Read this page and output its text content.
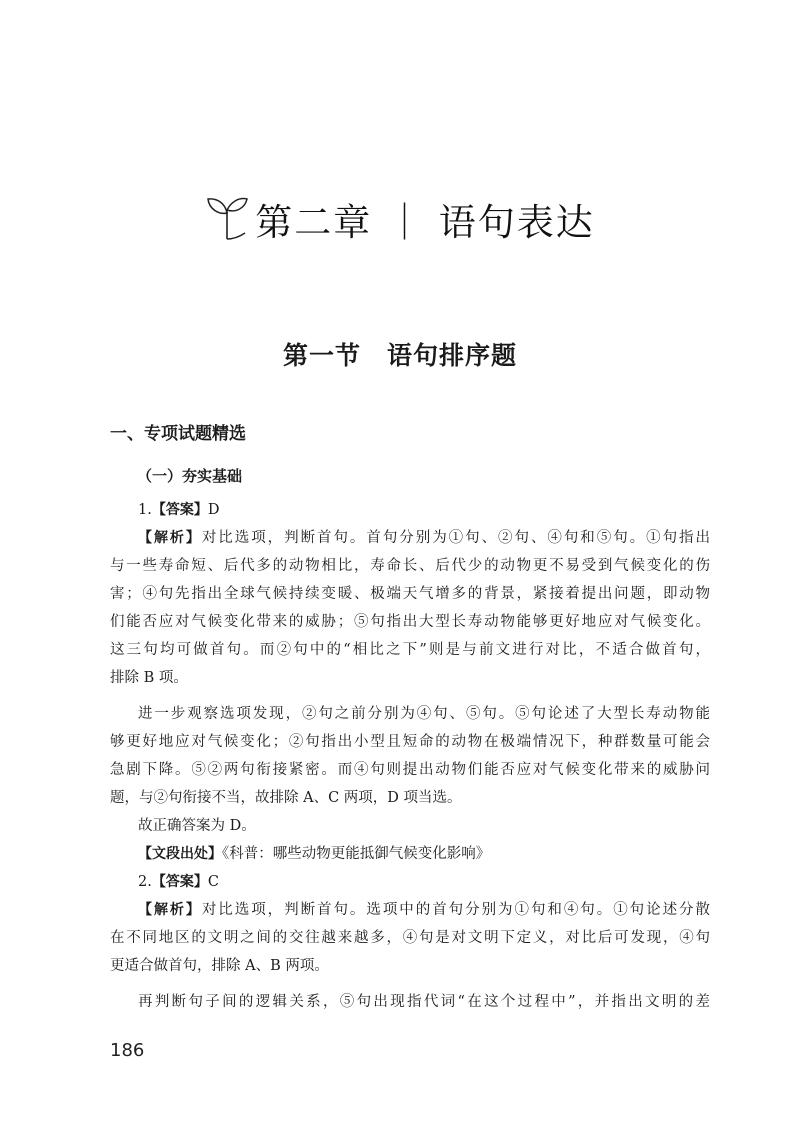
第二章 ｜ 语句表达
第一节　语句排序题
一、专项试题精选
（一）夯实基础

1.【答案】D

【解析】对比选项，判断首句。首句分别为①句、②句、④句和⑤句。①句指出

与一些寿命短、后代多的动物相比，寿命长、后代少的动物更不易受到气候变化的伤

害；④句先指出全球气候持续变暖、极端天气增多的背景，紧接着提出问题，即动物

们能否应对气候变化带来的威胁；⑤句指出大型长寿动物能够更好地应对气候变化。

这三句均可做首句。而②句中的“相比之下”则是与前文进行对比，不适合做首句，

排除 B 项。

进一步观察选项发现，②句之前分别为④句、⑤句。⑤句论述了大型长寿动物能

够更好地应对气候变化；②句指出小型且短命的动物在极端情况下，种群数量可能会

急剧下降。⑤②两句衔接紧密。而④句则提出动物们能否应对气候变化带来的威胁问

题，与②句衔接不当，故排除 A、C 两项，D 项当选。

故正确答案为 D。

【文段出处】《科普：哪些动物更能抵御气候变化影响》

2.【答案】C

【解析】对比选项，判断首句。选项中的首句分别为①句和④句。①句论述分散

在不同地区的文明之间的交往越来越多，④句是对文明下定义，对比后可发现，④句

更适合做首句，排除 A、B 两项。

再判断句子间的逻辑关系，⑤句出现指代词“在这个过程中”，并指出文明的差

186
